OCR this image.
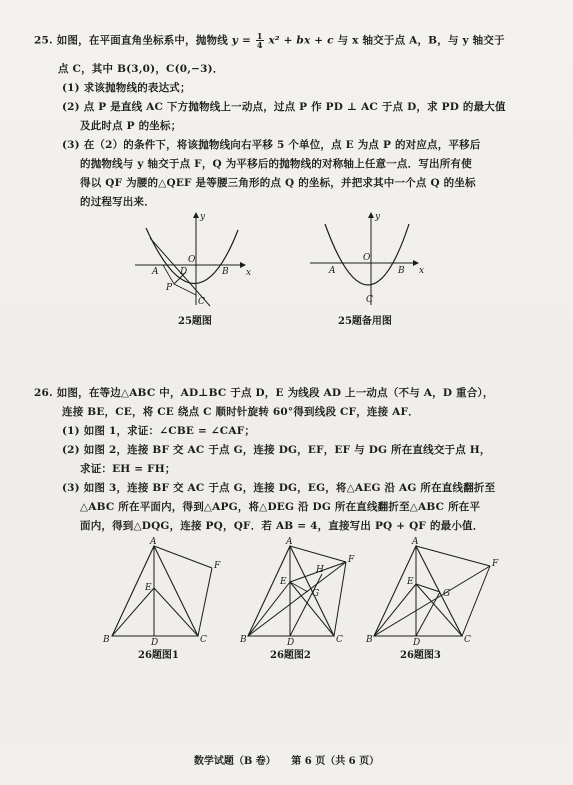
25. 如图，在平面直角坐标系中，抛物线 $y = \frac{1}{4} x^2$ + bx + c 与 x 轴交于点 A，B，与 y 轴交于
点 C，其中 B(3,0)，C(0,−3)．
(1) 求该抛物线的表达式；
(2) 点 P 是直线 AC 下方抛物线上一动点，过点 P 作 PD ⊥ AC 于点 D，求 PD 的最大值
及此时点 P 的坐标；
(3) 在（2）的条件下，将该抛物线向右平移 5 个单位，点 E 为点 P 的对应点，平移后
的抛物线与 y 轴交于点 F，Q 为平移后的抛物线的对称轴上任意一点．写出所有使
得以 QF 为腰的△QEF 是等腰三角形的点 Q 的坐标，并把求其中一个点 Q 的坐标
的过程写出来．
y
x
A
O
B
D
P
C
25题图
y
x
A
O
B
C
25题备用图
26. 如图，在等边△ABC 中，AD⊥BC 于点 D，E 为线段 AD 上一动点（不与 A，D 重合），
连接 BE，CE，将 CE 绕点 C 顺时针旋转 60°得到线段 CF，连接 AF．
(1) 如图 1，求证：∠CBE = ∠CAF；
(2) 如图 2，连接 BF 交 AC 于点 G，连接 DG，EF，EF 与 DG 所在直线交于点 H，
求证：EH = FH；
(3) 如图 3，连接 BF 交 AC 于点 G，连接 DG，EG，将△AEG 沿 AG 所在直线翻折至
△ABC 所在平面内，得到△APG，将△DEG 沿 DG 所在直线翻折至△ABC 所在平
面内，得到△DQG，连接 PQ，QF．若 AB = 4，直接写出 PQ + QF 的最小值．
A
B	C
D
E
F
26题图1
A
B	C
D
E
F
G
H
26题图2
A
B	C
D
E
F
G
26题图3
数学试题（B 卷） 第 6 页（共 6 页）
